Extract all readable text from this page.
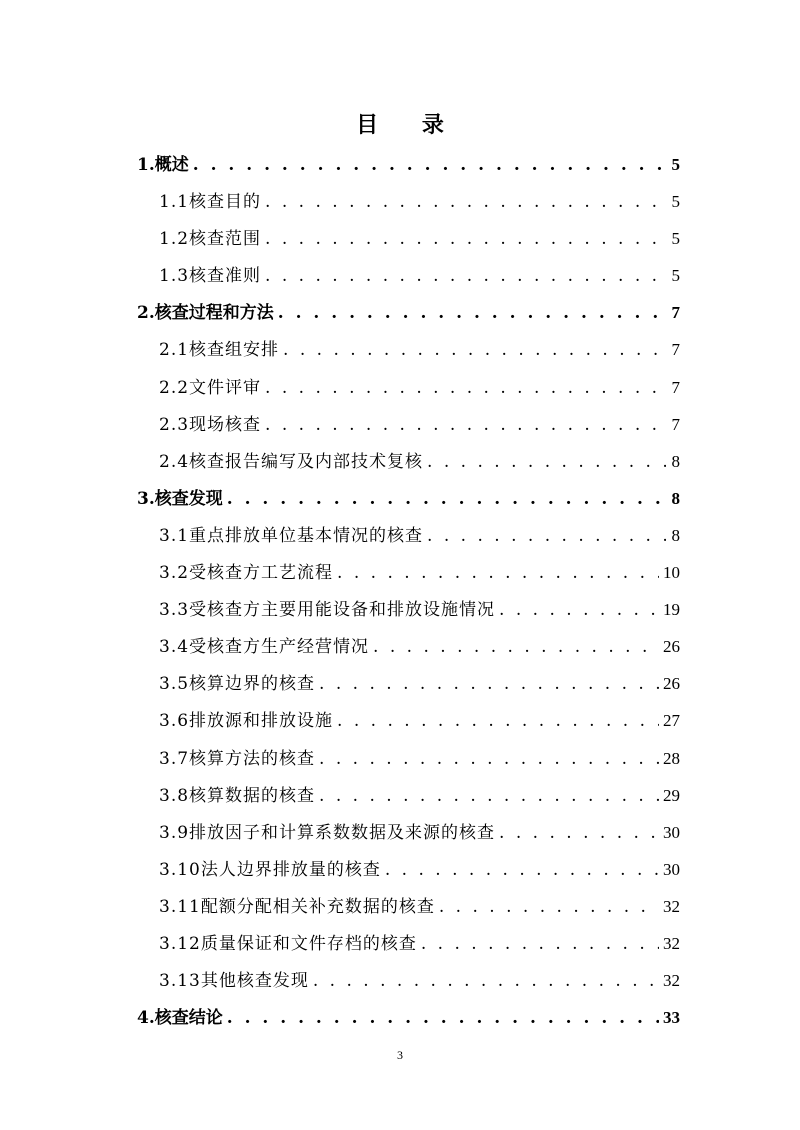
目 录
1.概述 . . .	5
1.1核查目的 . . .	5
1.2核查范围 . . .	5
1.3核查准则 . . .	5
2.核查过程和方法 . . .	7
2.1核查组安排 . . .	7
2.2文件评审 . . .	7
2.3现场核查 . . .	7
2.4核查报告编写及内部技术复核 . . .	8
3.核查发现 . . .	8
3.1重点排放单位基本情况的核查 . . .	8
3.2受核查方工艺流程 . . .	10
3.3受核查方主要用能设备和排放设施情况 . . .	19
3.4受核查方生产经营情况 . . .	26
3.5核算边界的核查 . . .	26
3.6排放源和排放设施 . . .	27
3.7核算方法的核查 . . .	28
3.8核算数据的核查 . . .	29
3.9排放因子和计算系数数据及来源的核查 . . .	30
3.10法人边界排放量的核查 . . .	30
3.11配额分配相关补充数据的核查 . . .	32
3.12质量保证和文件存档的核查 . . .	32
3.13其他核查发现 . . .	32
4.核查结论 . . .	33
3
